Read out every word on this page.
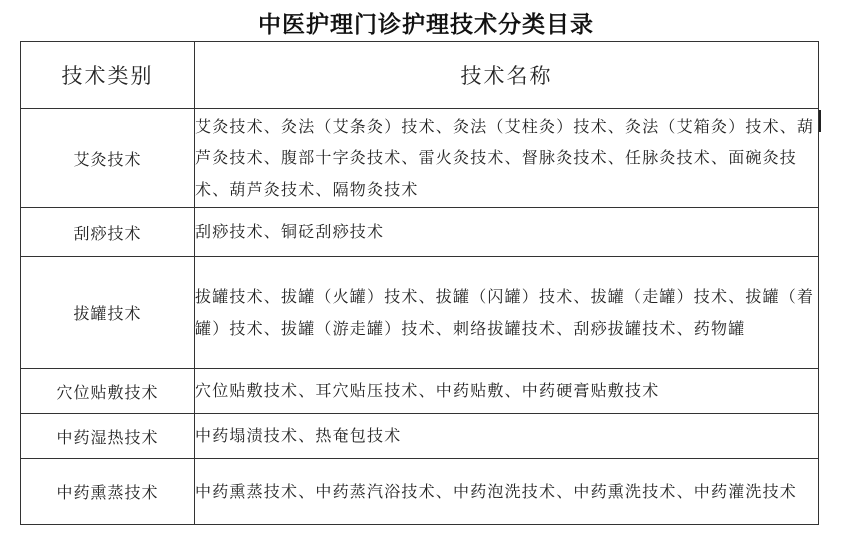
中医护理门诊护理技术分类目录
技术类别	技术名称
艾灸技术	艾灸技术、灸法（艾条灸）技术、灸法（艾柱灸）技术、灸法（艾箱灸）技术、葫芦灸技术、腹部十字灸技术、雷火灸技术、督脉灸技术、任脉灸技术、面碗灸技术、葫芦灸技术、隔物灸技术
刮痧技术	刮痧技术、铜砭刮痧技术
拔罐技术	拔罐技术、拔罐（火罐）技术、拔罐（闪罐）技术、拔罐（走罐）技术、拔罐（着罐）技术、拔罐（游走罐）技术、刺络拔罐技术、刮痧拔罐技术、药物罐
穴位贴敷技术	穴位贴敷技术、耳穴贴压技术、中药贴敷、中药硬膏贴敷技术
中药湿热技术	中药塌渍技术、热奄包技术
中药熏蒸技术	中药熏蒸技术、中药蒸汽浴技术、中药泡洗技术、中药熏洗技术、中药灌洗技术
